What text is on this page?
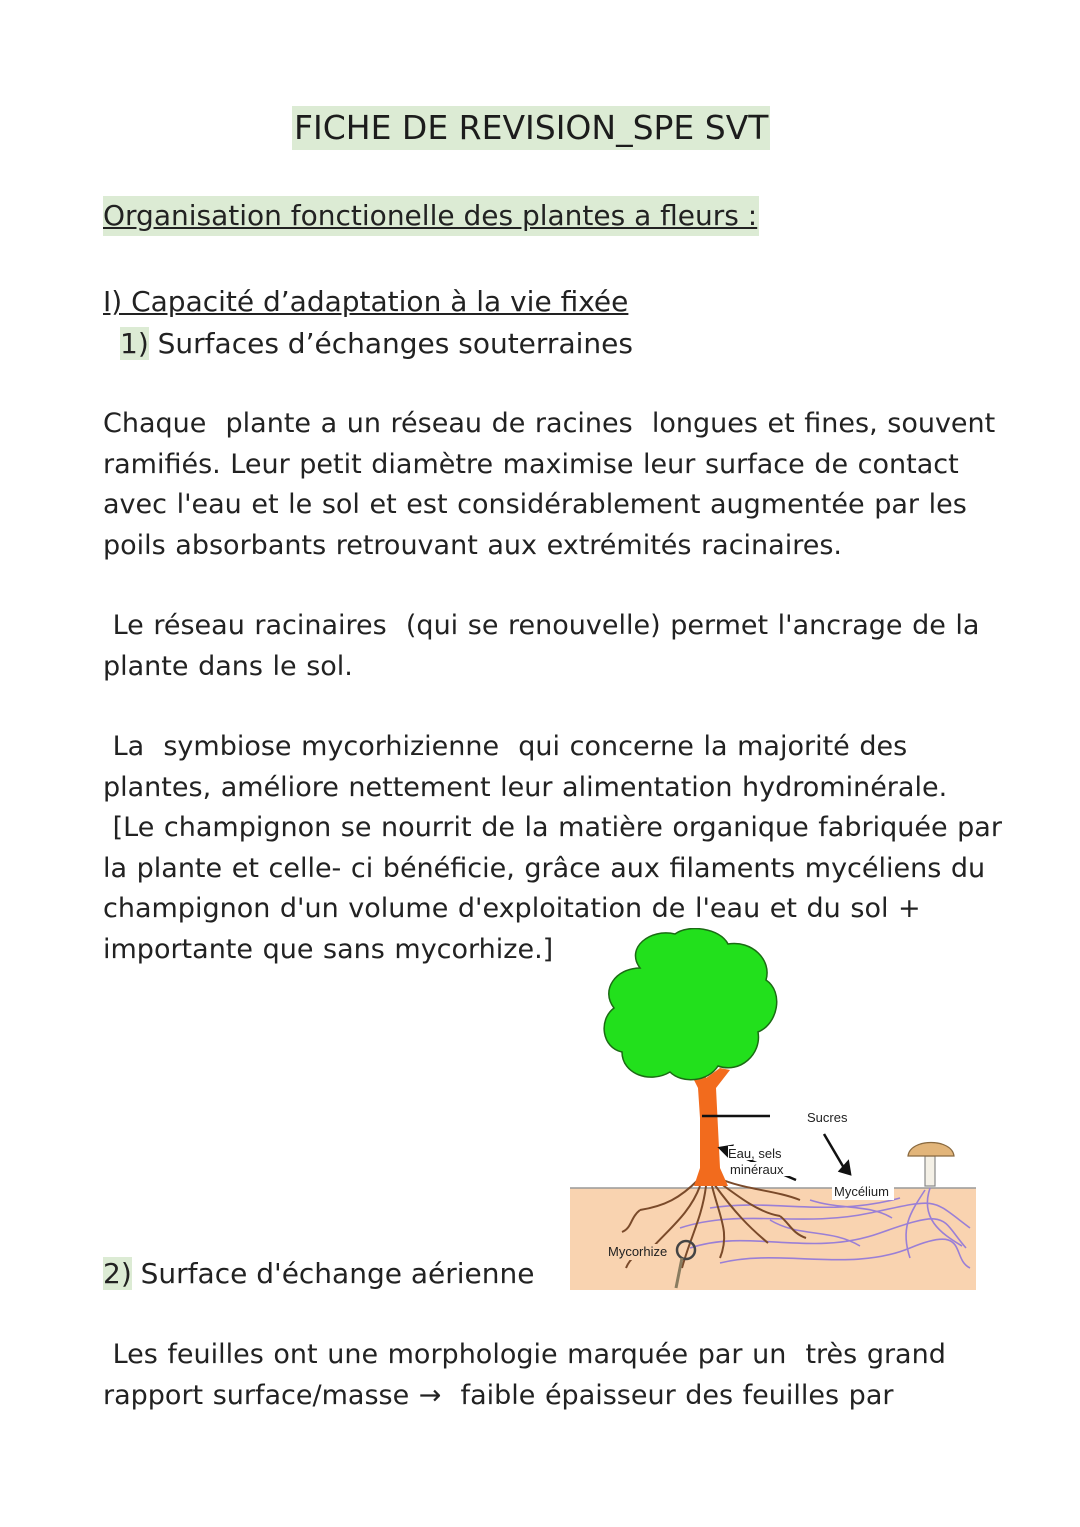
FICHE DE REVISION_SPE SVT
Organisation fonctionelle des plantes a fleurs :
I) Capacité d’adaptation à la vie fixée
1) Surfaces d’échanges souterraines

Chaque  plante a un réseau de racines  longues et fines, souvent
ramifiés. Leur petit diamètre maximise leur surface de contact
avec l'eau et le sol et est considérablement augmentée par les
poils absorbants retrouvant aux extrémités racinaires.

Le réseau racinaires  (qui se renouvelle) permet l'ancrage de la
plante dans le sol.

La  symbiose mycorhizienne  qui concerne la majorité des
plantes, améliore nettement leur alimentation hydrominérale.
[Le champignon se nourrit de la matière organique fabriquée par
la plante et celle- ci bénéficie, grâce aux filaments mycéliens du
champignon d'un volume d'exploitation de l'eau et du sol +
importante que sans mycorhize.]

Sucres
Eau, sels
minéraux
Mycélium
Mycorhize
2) Surface d'échange aérienne

Les feuilles ont une morphologie marquée par un  très grand
rapport surface/masse →  faible épaisseur des feuilles par
